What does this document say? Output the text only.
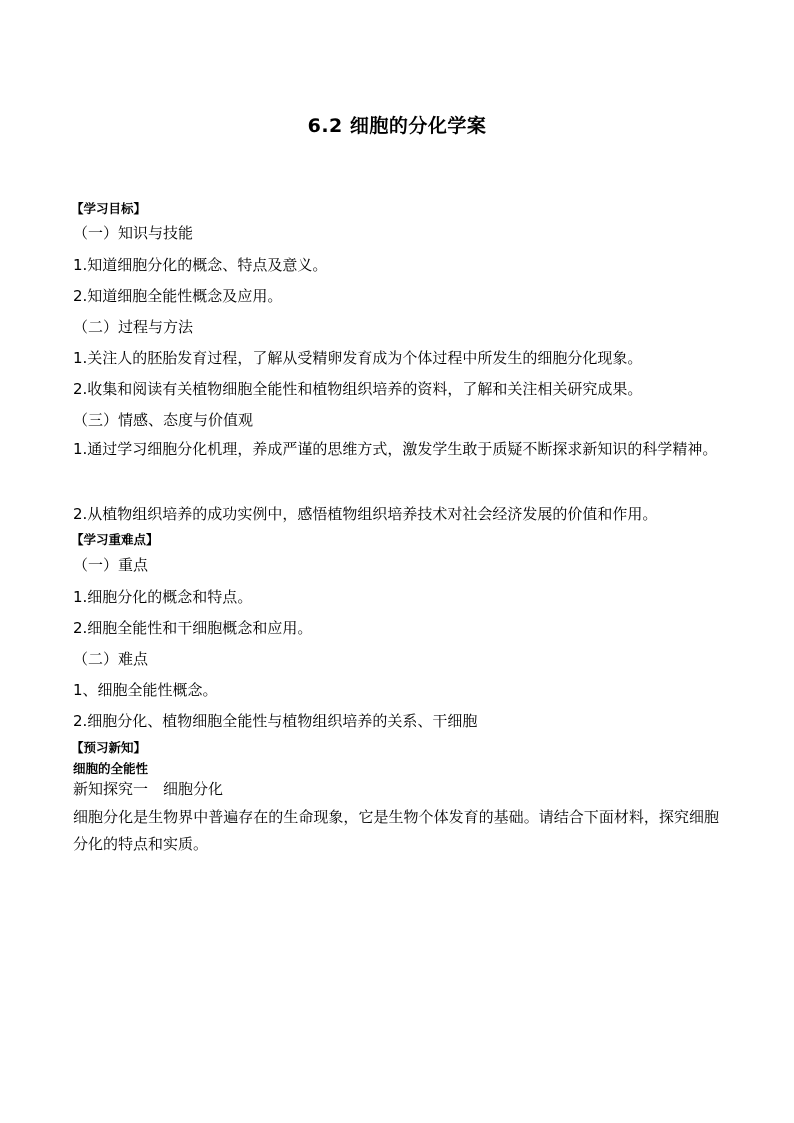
6.2 细胞的分化学案
【学习目标】
（一）知识与技能
1.知道细胞分化的概念、特点及意义。
2.知道细胞全能性概念及应用。
（二）过程与方法
1.关注人的胚胎发育过程，了解从受精卵发育成为个体过程中所发生的细胞分化现象。
2.收集和阅读有关植物细胞全能性和植物组织培养的资料，了解和关注相关研究成果。
（三）情感、态度与价值观
1.通过学习细胞分化机理，养成严谨的思维方式，激发学生敢于质疑不断探求新知识的科学精神。
2.从植物组织培养的成功实例中，感悟植物组织培养技术对社会经济发展的价值和作用。
【学习重难点】
（一）重点
1.细胞分化的概念和特点。
2.细胞全能性和干细胞概念和应用。
（二）难点
1、细胞全能性概念。
2.细胞分化、植物细胞全能性与植物组织培养的关系、干细胞
【预习新知】
细胞的全能性
新知探究一　细胞分化
细胞分化是生物界中普遍存在的生命现象，它是生物个体发育的基础。请结合下面材料，探究细胞分化的特点和实质。
